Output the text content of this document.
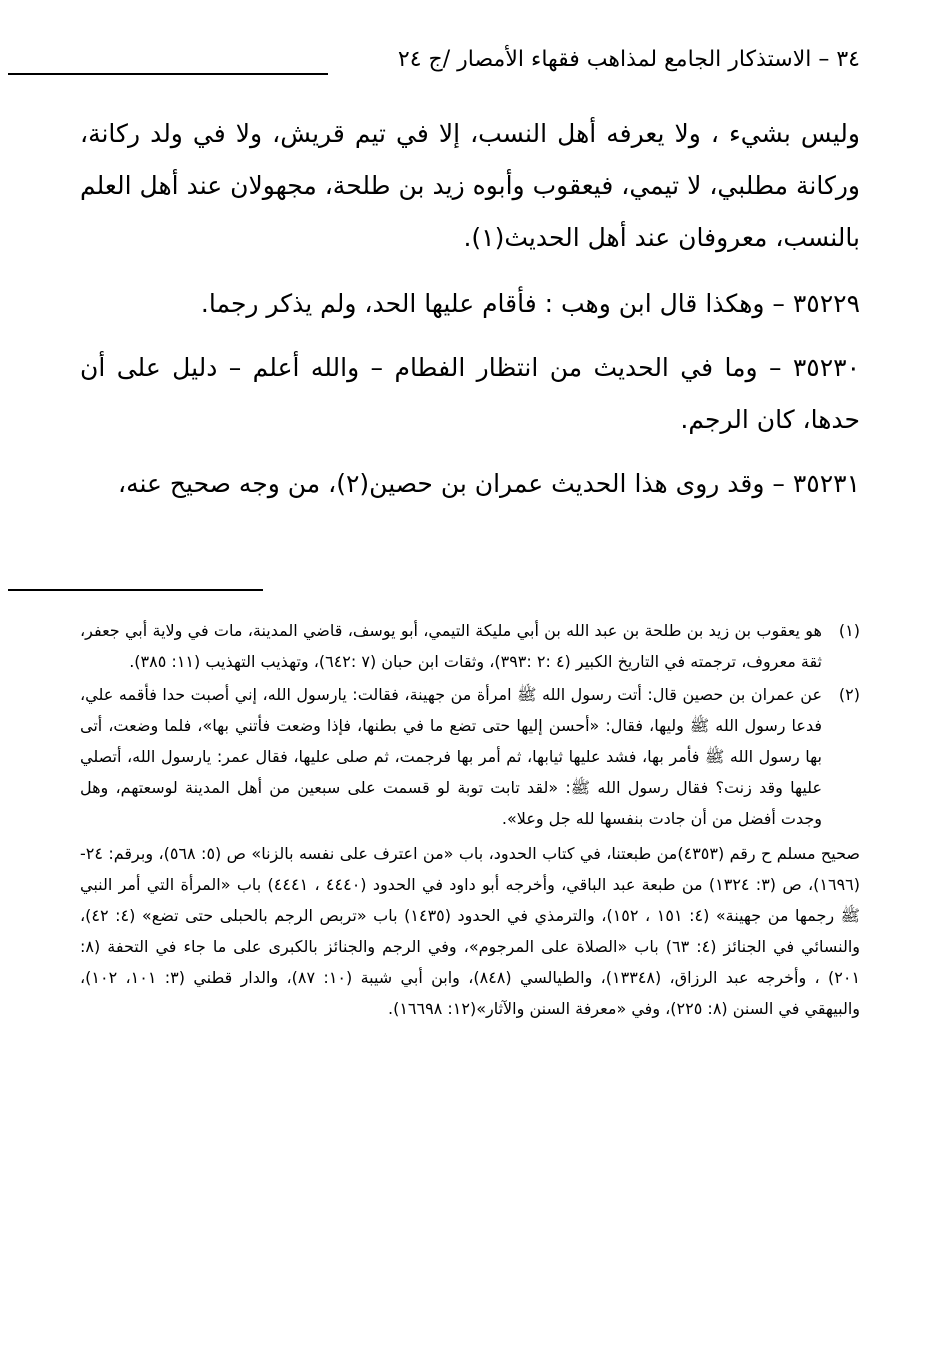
٣٤ – الاستذكار الجامع لمذاهب فقهاء الأمصار /ج ٢٤

وليس بشيء ، ولا يعرفه أهل النسب، إلا في تيم قريش، ولا في ولد ركانة، وركانة مطلبي، لا تيمي، فيعقوب وأبوه زيد بن طلحة، مجهولان عند أهل العلم بالنسب، معروفان عند أهل الحديث(١).

٣٥٢٢٩ – وهكذا قال ابن وهب : فأقام عليها الحد، ولم يذكر رجما.

٣٥٢٣٠ – وما في الحديث من انتظار الفطام – والله أعلم – دليل على أن حدها، كان الرجم.

٣٥٢٣١ – وقد روى هذا الحديث عمران بن حصين(٢)، من وجه صحيح عنه،

(١)
هو يعقوب بن زيد بن طلحة بن عبد الله بن أبي مليكة التيمي، أبو يوسف، قاضي المدينة، مات في ولاية أبي جعفر، ثقة معروف، ترجمته في التاريخ الكبير (٤ :٢ :٣٩٣)، وثقات ابن حبان (٧ :٦٤٢)، وتهذيب التهذيب (١١: ٣٨٥).
(٢)
عن عمران بن حصين قال: أتت رسول الله ﷺ امرأة من جهينة، فقالت: يارسول الله، إني أصبت حدا فأقمه علي، فدعا رسول الله ﷺ وليها، فقال: «أحسن إليها حتى تضع ما في بطنها، فإذا وضعت فأتني بها»، فلما وضعت، أتى بها رسول الله ﷺ فأمر بها، فشد عليها ثيابها، ثم أمر بها فرجمت، ثم صلى عليها، فقال عمر: يارسول الله، أتصلي عليها وقد زنت؟ فقال رسول الله ﷺ: «لقد تابت توبة لو قسمت على سبعين من أهل المدينة لوسعتهم، وهل وجدت أفضل من أن جادت بنفسها لله جل وعلا».
صحيح مسلم ح رقم (٤٣٥٣)من طبعتنا، في كتاب الحدود، باب «من اعترف على نفسه بالزنا» ص (٥: ٥٦٨)، وبرقم: ٢٤- (١٦٩٦)، ص (٣: ١٣٢٤) من طبعة عبد الباقي، وأخرجه أبو داود في الحدود (٤٤٤٠ ، ٤٤٤١) باب «المرأة التي أمر النبي ﷺ رجمها من جهينة» (٤: ١٥١ ، ١٥٢)، والترمذي في الحدود (١٤٣٥) باب «تربص الرجم بالحبلى حتى تضع» (٤: ٤٢)، والنسائي في الجنائز (٤: ٦٣) باب «الصلاة على المرجوم»، وفي الرجم والجنائز بالكبرى على ما جاء في التحفة (٨: ٢٠١) ، وأخرجه عبد الرزاق، (١٣٣٤٨)، والطيالسي (٨٤٨)، وابن أبي شيبة (١٠: ٨٧)، والدار قطني (٣: ١٠١، ١٠٢)، والبيهقي في السنن (٨: ٢٢٥)، وفي «معرفة السنن والآثار»(١٢: ١٦٦٩٨).
